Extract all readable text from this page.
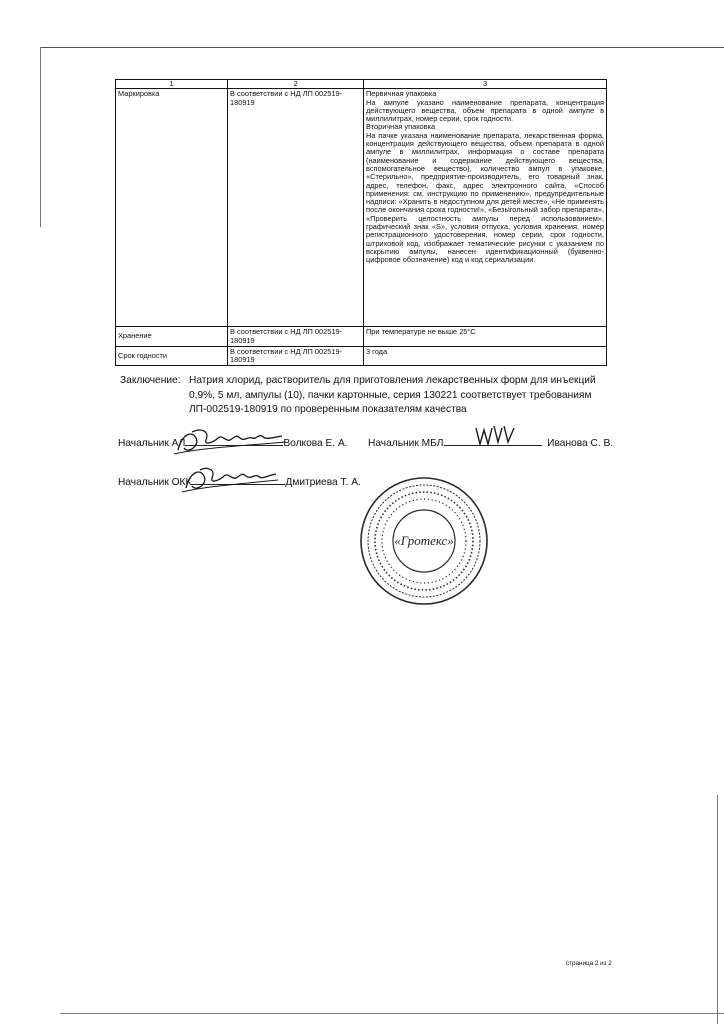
1	2	3
Маркировка	В соответствии с НД ЛП 002519-180919	Первичная упаковка
На ампуле указано наименование препарата, концентрация действующего вещества, объем препарата в одной ампуле в миллилитрах, номер серии, срок годности.
Вторичная упаковка
На пачке указана наименование препарата, лекарственная форма, концентрация действующего вещества, объем препарата в одной ампуле в миллилитрах, информация о составе препарата (наименование и содержание действующего вещества, вспомогательное вещество), количество ампул в упаковке, «Стерильно», предприятие-производитель, его товарный знак, адрес, телефон, факс, адрес электронного сайта, «Способ применения: см. инструкцию по применению», предупредительные надписи: «Хранить в недоступном для детей месте», «Не применять после окончания срока годности!», «Безыгольный забор препарата», «Проверить целостность ампулы перед использованием», графический знак «S», условия отпуска, условия хранения, номер регистрационного удостоверения, номер серии, срок годности, штриховой код, изображает тематические рисунки с указанием по вскрытию ампулы, нанесен идентификационный (буквенно-цифровое обозначение) код и код сериализации.

Хранение	В соответствии с НД ЛП 002519-180919	При температуре не выше 25°С
Срок годности	В соответствии с НД ЛП 002519-180919	3 года
Заключение: Натрия хлорид, растворитель для приготовления лекарственных форм для инъекций 0,9%, 5 мл, ампулы (10), пачки картонные, серия 130221 соответствует требованиям ЛП-002519-180919 по проверенным показателям качества
Начальник АЛ	Волкова Е. А. Начальник МБЛ	Иванова С. В.
Начальник ОКК	Дмитриева Т. А.
«Гротекс»
страница 2 из 2
